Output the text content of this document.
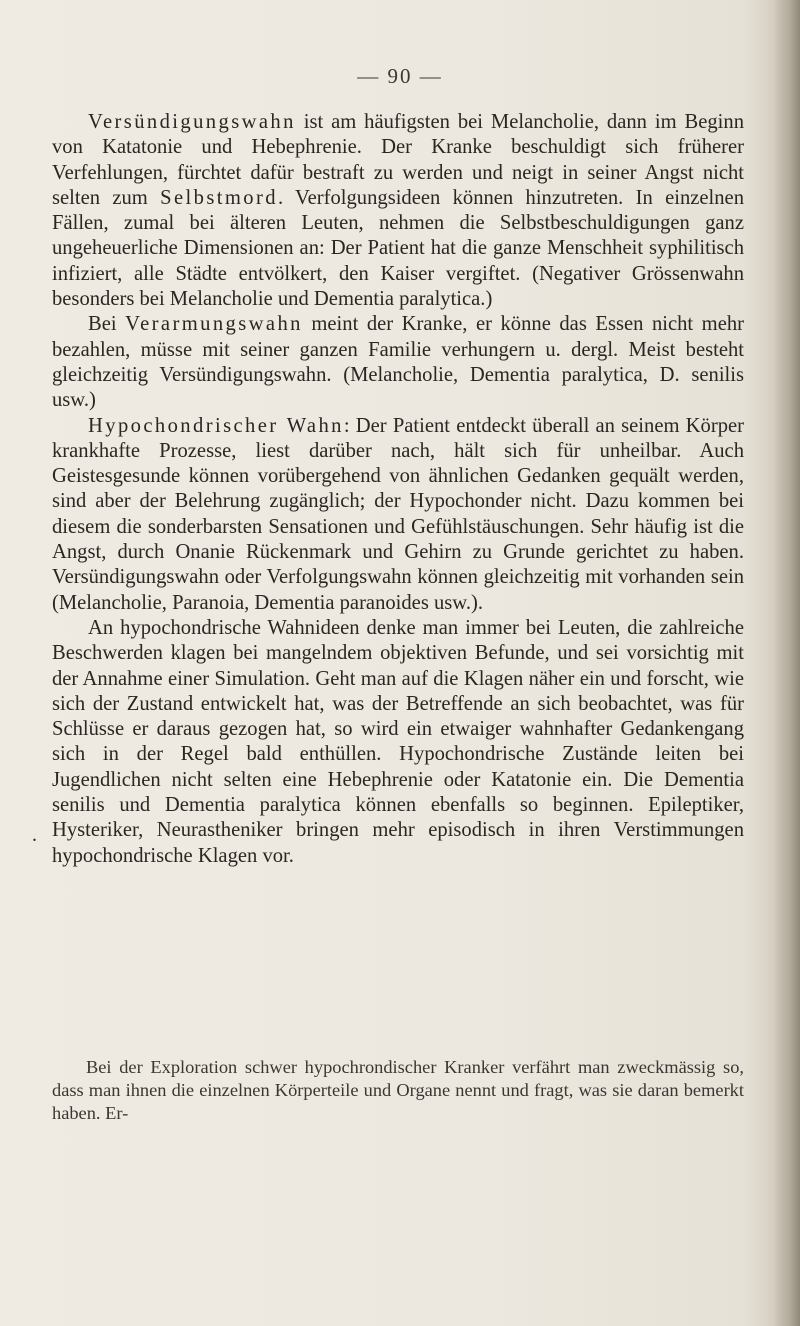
— 90 —

Versündigungswahn ist am häufigsten bei Melancholie, dann im Beginn von Katatonie und Hebephrenie. Der Kranke beschuldigt sich früherer Verfehlungen, fürchtet dafür bestraft zu werden und neigt in seiner Angst nicht selten zum Selbstmord. Verfolgungsideen können hinzutreten. In einzelnen Fällen, zumal bei älteren Leuten, nehmen die Selbstbeschuldigungen ganz ungeheuerliche Dimensionen an: Der Patient hat die ganze Menschheit syphilitisch infiziert, alle Städte entvölkert, den Kaiser vergiftet. (Negativer Grössenwahn besonders bei Melancholie und Dementia paralytica.)

Bei Verarmungswahn meint der Kranke, er könne das Essen nicht mehr bezahlen, müsse mit seiner ganzen Familie verhungern u. dergl. Meist besteht gleichzeitig Versündigungswahn. (Melancholie, Dementia paralytica, D. senilis usw.)

Hypochondrischer Wahn: Der Patient entdeckt überall an seinem Körper krankhafte Prozesse, liest darüber nach, hält sich für unheilbar. Auch Geistesgesunde können vorübergehend von ähnlichen Gedanken gequält werden, sind aber der Belehrung zugänglich; der Hypochonder nicht. Dazu kommen bei diesem die sonderbarsten Sensationen und Gefühlstäuschungen. Sehr häufig ist die Angst, durch Onanie Rückenmark und Gehirn zu Grunde gerichtet zu haben. Versündigungswahn oder Verfolgungswahn können gleichzeitig mit vorhanden sein (Melancholie, Paranoia, Dementia paranoides usw.).

An hypochondrische Wahnideen denke man immer bei Leuten, die zahlreiche Beschwerden klagen bei mangelndem objektiven Befunde, und sei vorsichtig mit der Annahme einer Simulation. Geht man auf die Klagen näher ein und forscht, wie sich der Zustand entwickelt hat, was der Betreffende an sich beobachtet, was für Schlüsse er daraus gezogen hat, so wird ein etwaiger wahnhafter Gedankengang sich in der Regel bald enthüllen. Hypochondrische Zustände leiten bei Jugendlichen nicht selten eine Hebephrenie oder Katatonie ein. Die Dementia senilis und Dementia paralytica können ebenfalls so beginnen. Epileptiker, Hysteriker, Neurastheniker bringen mehr episodisch in ihren Verstimmungen hypochondrische Klagen vor.

.

Bei der Exploration schwer hypochrondischer Kranker verfährt man zweckmässig so, dass man ihnen die einzelnen Körperteile und Organe nennt und fragt, was sie daran bemerkt haben. Er-
